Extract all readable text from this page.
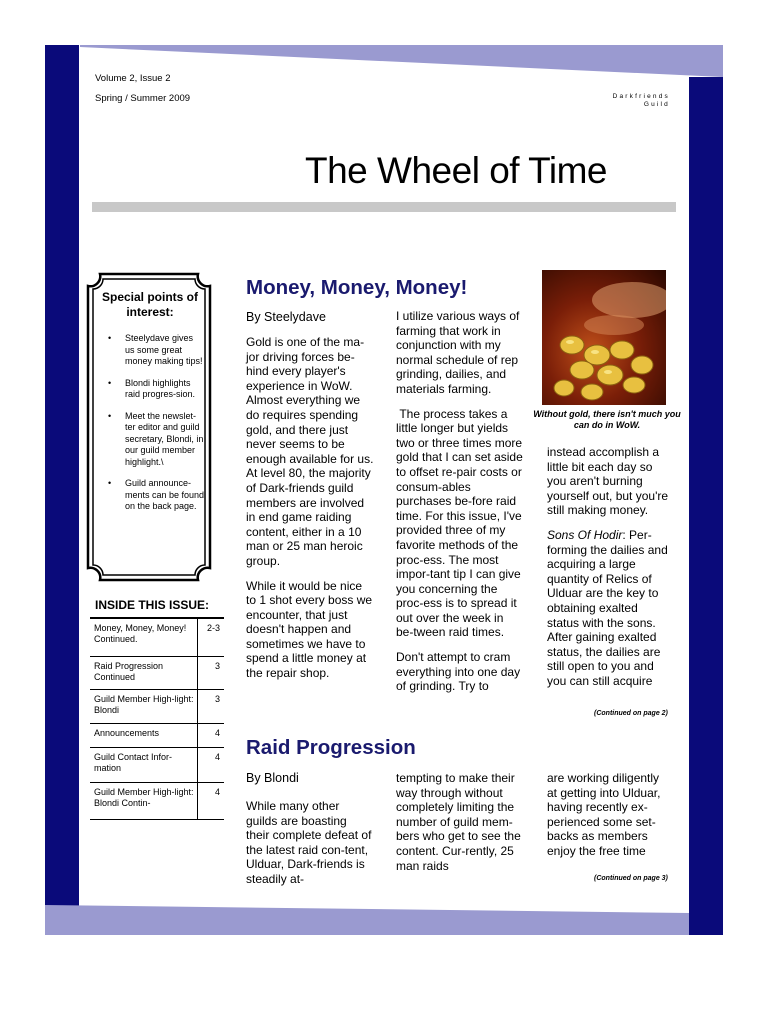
Volume 2, Issue 2
Spring / Summer 2009	Darkfriends
Guild
The Wheel of Time
Special points of interest:
• Steelydave gives us some great money making tips!
• Blondi highlights raid progres-sion.
• Meet the newslet-ter editor and guild secretary, Blondi, in our guild member highlight.\
• Guild announce-ments can be found on the back page.
INSIDE THIS ISSUE:
Money, Money, Money! Continued.	2-3
Raid Progression Continued	3
Guild Member High-light: Blondi	3
Announcements	4
Guild Contact Infor-mation	4
Guild Member High-light: Blondi Contin-	4
Money, Money, Money!
By Steelydave

Gold is one of the ma-jor driving forces be-hind every player's experience in WoW. Almost everything we do requires spending gold, and there just never seems to be enough available for us. At level 80, the majority of Dark-friends guild members are involved in end game raiding content, either in a 10 man or 25 man heroic group.

While it would be nice to 1 shot every boss we encounter, that just doesn't happen and sometimes we have to spend a little money at the repair shop.

I utilize various ways of farming that work in conjunction with my normal schedule of rep grinding, dailies, and materials farming.

The process takes a little longer but yields two or three times more gold that I can set aside to offset re-pair costs or consum-ables purchases be-fore raid time. For this issue, I've provided three of my favorite methods of the proc-ess. The most impor-tant tip I can give you concerning the proc-ess is to spread it out over the week in be-tween raid times.

Don't attempt to cram everything into one day of grinding. Try to

Without gold, there isn't much you can do in WoW.

instead accomplish a little bit each day so you aren't burning yourself out, but you're still making money.

Sons Of Hodir: Per-forming the dailies and acquiring a large quantity of Relics of Ulduar are the key to obtaining exalted status with the sons. After gaining exalted status, the dailies are still open to you and you can still acquire

(Continued on page 2)
Raid Progression
By Blondi
While many other guilds are boasting their complete defeat of the latest raid con-tent, Ulduar, Dark-friends is steadily at-
tempting to make their way through without completely limiting the number of guild mem-bers who get to see the content. Cur-rently, 25 man raids
are working diligently at getting into Ulduar, having recently ex-perienced some set-backs as members enjoy the free time
(Continued on page 3)
